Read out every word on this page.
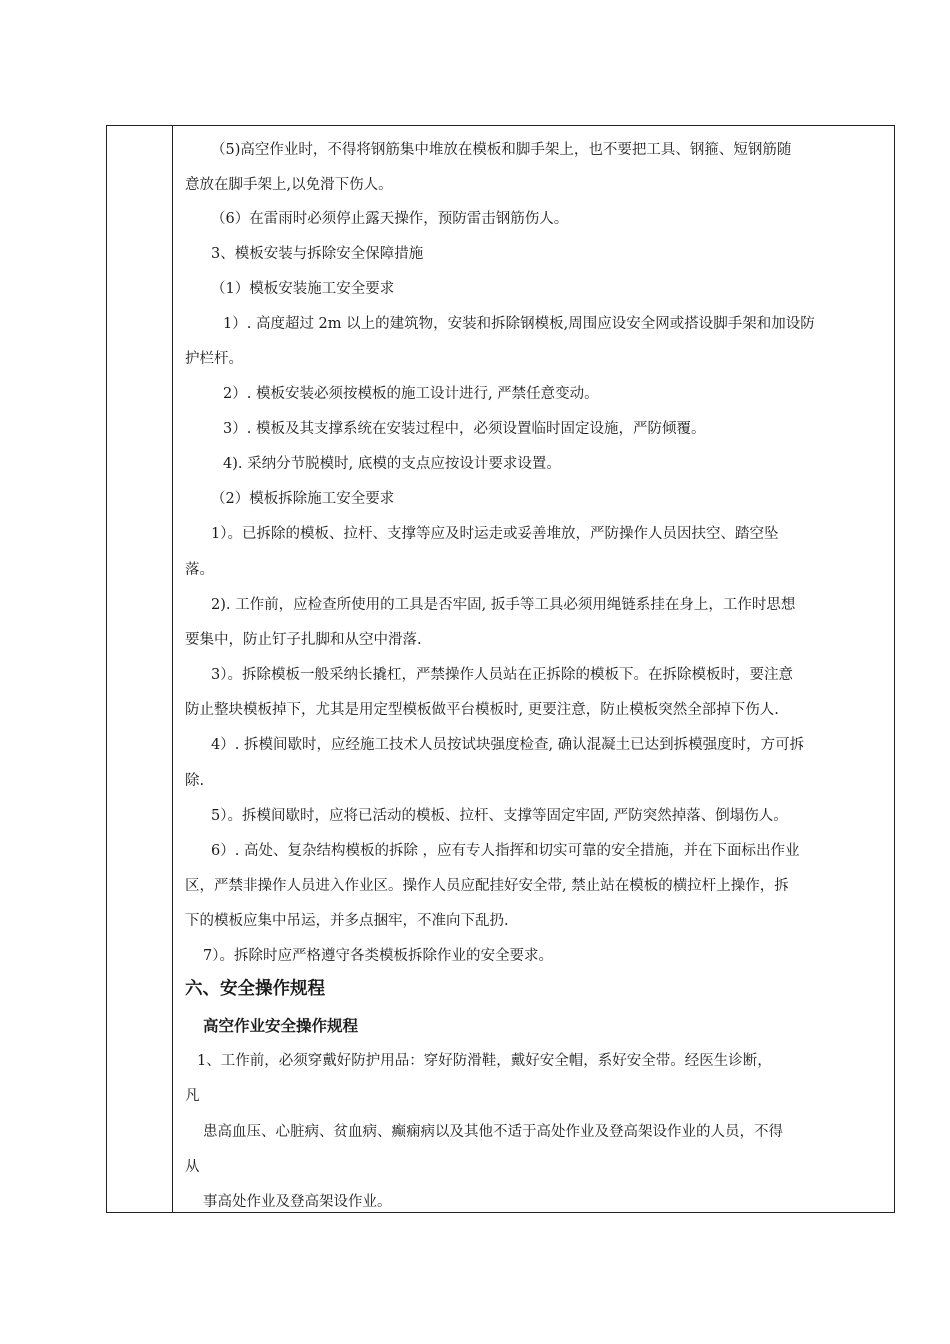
（5)高空作业时，不得将钢筋集中堆放在模板和脚手架上，也不要把工具、钢箍、短钢筋随
意放在脚手架上,以免滑下伤人。
（6）在雷雨时必须停止露天操作，预防雷击钢筋伤人。
3、模板安装与拆除安全保障措施
（1）模板安装施工安全要求
1）. 高度超过 2m 以上的建筑物，安装和拆除钢模板,周围应设安全网或搭设脚手架和加设防
护栏杆。
2）. 模板安装必须按模板的施工设计进行, 严禁任意变动。
3）. 模板及其支撑系统在安装过程中，必须设置临时固定设施，严防倾覆。
4). 采纳分节脱模时, 底模的支点应按设计要求设置。
（2）模板拆除施工安全要求
1）。已拆除的模板、拉杆、支撑等应及时运走或妥善堆放，严防操作人员因扶空、踏空坠
落。
2). 工作前，应检查所使用的工具是否牢固, 扳手等工具必须用绳链系挂在身上，工作时思想
要集中，防止钉子扎脚和从空中滑落.
3）。拆除模板一般采纳长撬杠，严禁操作人员站在正拆除的模板下。在拆除模板时，要注意
防止整块模板掉下，尤其是用定型模板做平台模板时, 更要注意，防止模板突然全部掉下伤人.
4）. 拆模间歇时，应经施工技术人员按试块强度检查, 确认混凝土已达到拆模强度时，方可拆
除.
5）。拆模间歇时，应将已活动的模板、拉杆、支撑等固定牢固, 严防突然掉落、倒塌伤人。
6）. 高处、复杂结构模板的拆除 ，应有专人指挥和切实可靠的安全措施，并在下面标出作业
区，严禁非操作人员进入作业区。操作人员应配挂好安全带, 禁止站在模板的横拉杆上操作，拆
下的模板应集中吊运，并多点捆牢，不准向下乱扔.
7）。拆除时应严格遵守各类模板拆除作业的安全要求。
六、安全操作规程
高空作业安全操作规程
1、工作前，必须穿戴好防护用品：穿好防滑鞋，戴好安全帽，系好安全带。经医生诊断，
凡
患高血压、心脏病、贫血病、癫痫病以及其他不适于高处作业及登高架设作业的人员，不得
从
事高处作业及登高架设作业。
